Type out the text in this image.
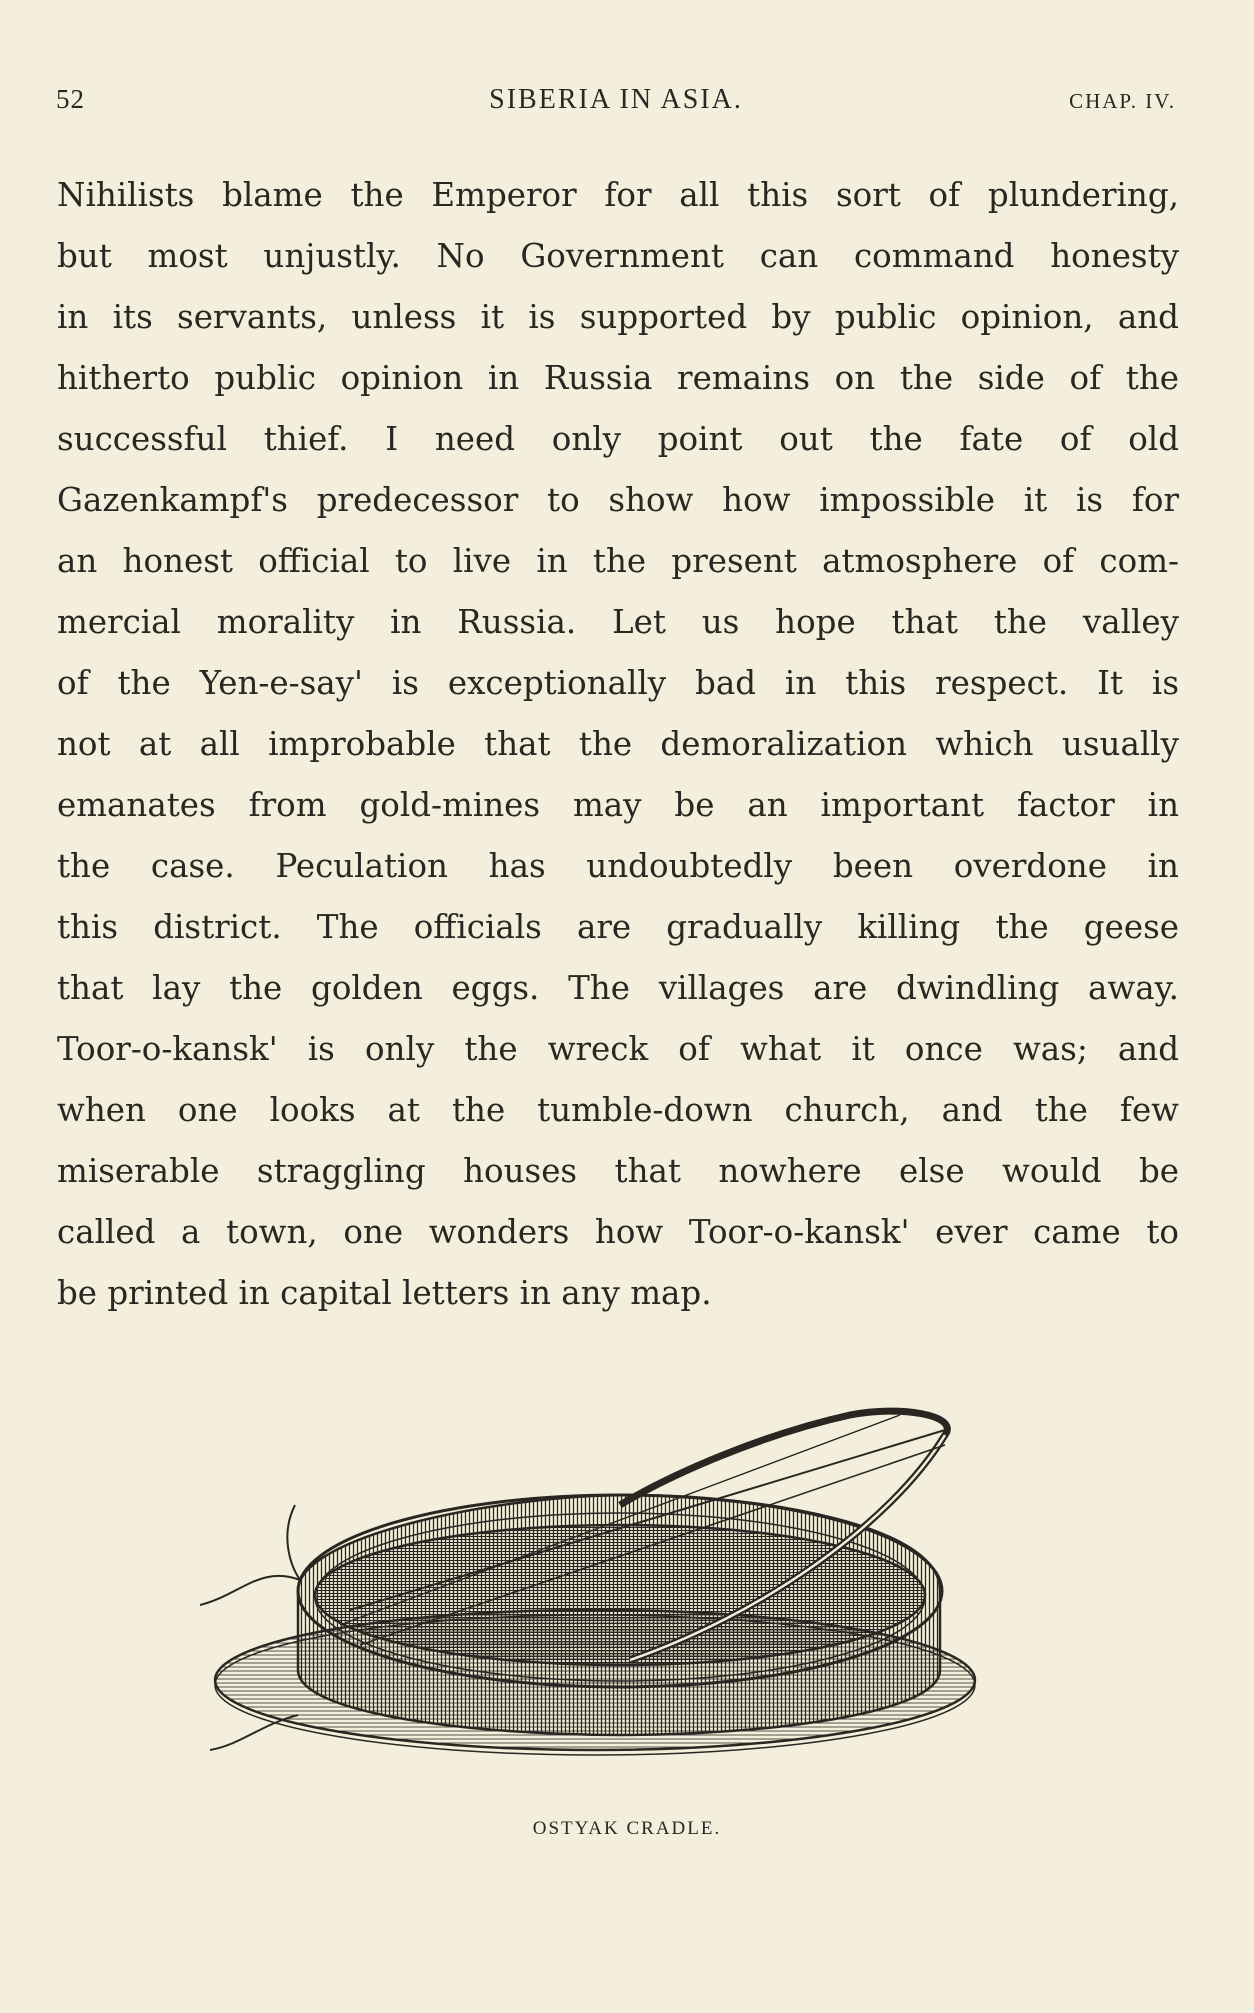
52	SIBERIA IN ASIA.	CHAP. IV.
Nihilists blame the Emperor for all this sort of plundering,
but most unjustly. No Government can command honesty
in its servants, unless it is supported by public opinion, and
hitherto public opinion in Russia remains on the side of the
successful thief. I need only point out the fate of old
Gazenkampf's predecessor to show how impossible it is for
an honest official to live in the present atmosphere of com-
mercial morality in Russia. Let us hope that the valley
of the Yen-e-say' is exceptionally bad in this respect. It is
not at all improbable that the demoralization which usually
emanates from gold-mines may be an important factor in
the case. Peculation has undoubtedly been overdone in
this district. The officials are gradually killing the geese
that lay the golden eggs. The villages are dwindling away.
Toor-o-kansk' is only the wreck of what it once was; and
when one looks at the tumble-down church, and the few
miserable straggling houses that nowhere else would be
called a town, one wonders how Toor-o-kansk' ever came to
be printed in capital letters in any map.
OSTYAK CRADLE.
